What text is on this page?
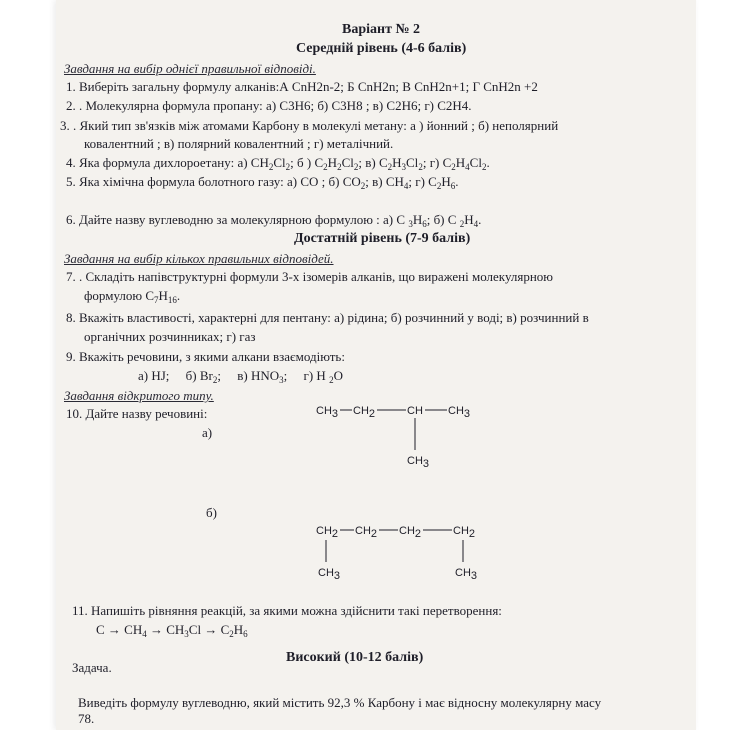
Варіант № 2
Середній рівень (4-6 балів)
Завдання на вибір однієї правильної відповіді.
1. Виберіть загальну формулу алканів:А CnH2n-2; Б CnH2n; В CnH2n+1; Г CnH2n +2
2. . Молекулярна формула пропану: а) С3Н6; б) С3Н8 ; в) С2Н6; г) С2Н4.
3. . Який тип зв'язків між атомами Карбону в молекулі метану: а ) йонний ; б) неполярний
ковалентний ; в) полярний ковалентний ; г) металічний.
4. Яка формула дихлороетану: а) $CH_2Cl_2$; б ) $C_2H_2Cl_2$; в) $C_2H_3Cl_2$; г) $C_2H_4Cl_2$.
5. Яка хімічна формула болотного газу: а) CO ; б) $CO_2$; в) $CH_4$; г) $C_2H_6$.
6. Дайте назву вуглеводню за молекулярною формулою : а) C $_3H_6$; б) C $_2H_4$.
Достатній рівень (7-9 балів)
Завдання на вибір кількох правильних відповідей.
7. . Складіть напівструктурні формули 3-х ізомерів алканів, що виражені молекулярною
формулою $C_7H_{16}$.
8. Вкажіть властивості, характерні для пентану: а) рідина; б) розчинний у воді; в) розчинний в
органічних розчинниках; г) газ
9. Вкажіть речовини, з якими алкани взаємодіють:
а) HJ; б) $Br_2$; в) $HNO_3$; г) H $_2$O
Завдання відкритого типу.
10. Дайте назву речовині:
а)
б)
CH3 CH2	CH CH3
CH3
CH2 CH2 CH2	CH2
CH3	CH3
11. Напишіть рівняння реакцій, за якими можна здійснити такі перетворення:
$C \to CH_4 \to CH_3Cl \to C_2H_6$
Високий (10-12 балів)
Задача.
Виведіть формулу вуглеводню, який містить 92,3 % Карбону і має відносну молекулярну масу
78.
